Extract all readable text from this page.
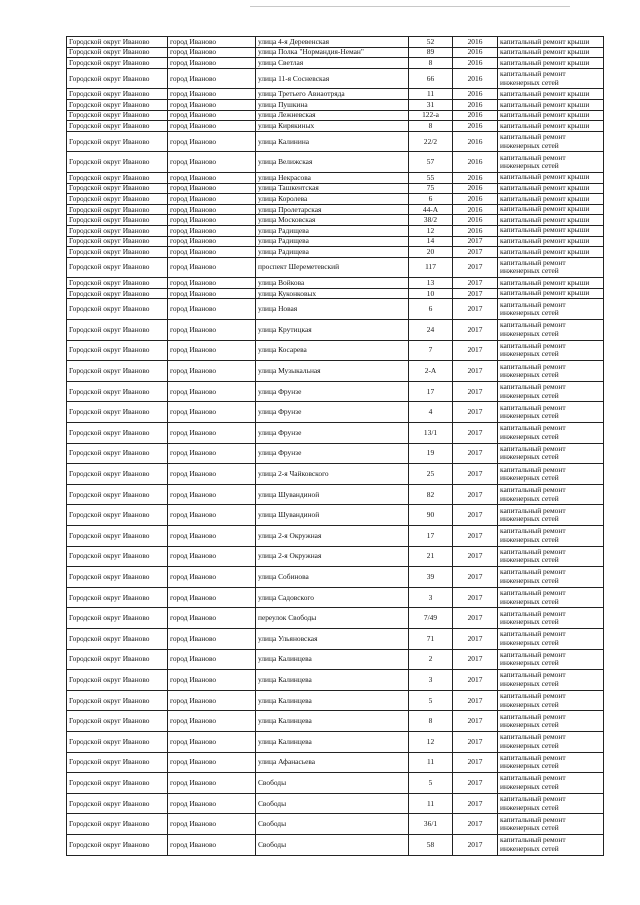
Городской округ Иваново	город Иваново	улица 4-я Деревенская	52	2016	капитальный ремонт крыши
Городской округ Иваново	город Иваново	улица Полка "Нормандия-Неман"	89	2016	капитальный ремонт крыши
Городской округ Иваново	город Иваново	улица Светлая	8	2016	капитальный ремонт крыши
Городской округ Иваново	город Иваново	улица 11-я Сосневская	66	2016	капитальный ремонт инженерных сетей
Городской округ Иваново	город Иваново	улица Третьего Авиаотряда	11	2016	капитальный ремонт крыши
Городской округ Иваново	город Иваново	улица Пушкина	31	2016	капитальный ремонт крыши
Городской округ Иваново	город Иваново	улица Лежневская	122-а	2016	капитальный ремонт крыши
Городской округ Иваново	город Иваново	улица Кирякиных	8	2016	капитальный ремонт крыши
Городской округ Иваново	город Иваново	улица Калинина	22/2	2016	капитальный ремонт инженерных сетей
Городской округ Иваново	город Иваново	улица Велижская	57	2016	капитальный ремонт инженерных сетей
Городской округ Иваново	город Иваново	улица Некрасова	55	2016	капитальный ремонт крыши
Городской округ Иваново	город Иваново	улица Ташкентская	75	2016	капитальный ремонт крыши
Городской округ Иваново	город Иваново	улица Королева	6	2016	капитальный ремонт крыши
Городской округ Иваново	город Иваново	улица Пролетарская	44-А	2016	капитальный ремонт крыши
Городской округ Иваново	город Иваново	улица Московская	38/2	2016	капитальный ремонт крыши
Городской округ Иваново	город Иваново	улица Радищева	12	2016	капитальный ремонт крыши
Городской округ Иваново	город Иваново	улица Радищева	14	2017	капитальный ремонт крыши
Городской округ Иваново	город Иваново	улица Радищева	20	2017	капитальный ремонт крыши
Городской округ Иваново	город Иваново	проспект Шереметевский	117	2017	капитальный ремонт инженерных сетей
Городской округ Иваново	город Иваново	улица Войкова	13	2017	капитальный ремонт крыши
Городской округ Иваново	город Иваново	улица Куконковых	10	2017	капитальный ремонт крыши
Городской округ Иваново	город Иваново	улица Новая	6	2017	капитальный ремонт инженерных сетей
Городской округ Иваново	город Иваново	улица Крутицкая	24	2017	капитальный ремонт инженерных сетей
Городской округ Иваново	город Иваново	улица Косарева	7	2017	капитальный ремонт инженерных сетей
Городской округ Иваново	город Иваново	улица Музыкальная	2-А	2017	капитальный ремонт инженерных сетей
Городской округ Иваново	город Иваново	улица Фрунзе	17	2017	капитальный ремонт инженерных сетей
Городской округ Иваново	город Иваново	улица Фрунзе	4	2017	капитальный ремонт инженерных сетей
Городской округ Иваново	город Иваново	улица Фрунзе	13/1	2017	капитальный ремонт инженерных сетей
Городской округ Иваново	город Иваново	улица Фрунзе	19	2017	капитальный ремонт инженерных сетей
Городской округ Иваново	город Иваново	улица 2-я Чайковского	25	2017	капитальный ремонт инженерных сетей
Городской округ Иваново	город Иваново	улица Шувандиной	82	2017	капитальный ремонт инженерных сетей
Городской округ Иваново	город Иваново	улица Шувандиной	90	2017	капитальный ремонт инженерных сетей
Городской округ Иваново	город Иваново	улица 2-я Окружная	17	2017	капитальный ремонт инженерных сетей
Городской округ Иваново	город Иваново	улица 2-я Окружная	21	2017	капитальный ремонт инженерных сетей
Городской округ Иваново	город Иваново	улица Собинова	39	2017	капитальный ремонт инженерных сетей
Городской округ Иваново	город Иваново	улица Садовского	3	2017	капитальный ремонт инженерных сетей
Городской округ Иваново	город Иваново	переулок Свободы	7/49	2017	капитальный ремонт инженерных сетей
Городской округ Иваново	город Иваново	улица Ульяновская	71	2017	капитальный ремонт инженерных сетей
Городской округ Иваново	город Иваново	улица Калинцева	2	2017	капитальный ремонт инженерных сетей
Городской округ Иваново	город Иваново	улица Калинцева	3	2017	капитальный ремонт инженерных сетей
Городской округ Иваново	город Иваново	улица Калинцева	5	2017	капитальный ремонт инженерных сетей
Городской округ Иваново	город Иваново	улица Калинцева	8	2017	капитальный ремонт инженерных сетей
Городской округ Иваново	город Иваново	улица Калинцева	12	2017	капитальный ремонт инженерных сетей
Городской округ Иваново	город Иваново	улица Афанасьева	11	2017	капитальный ремонт инженерных сетей
Городской округ Иваново	город Иваново	Свободы	5	2017	капитальный ремонт инженерных сетей
Городской округ Иваново	город Иваново	Свободы	11	2017	капитальный ремонт инженерных сетей
Городской округ Иваново	город Иваново	Свободы	36/1	2017	капитальный ремонт инженерных сетей
Городской округ Иваново	город Иваново	Свободы	58	2017	капитальный ремонт инженерных сетей
